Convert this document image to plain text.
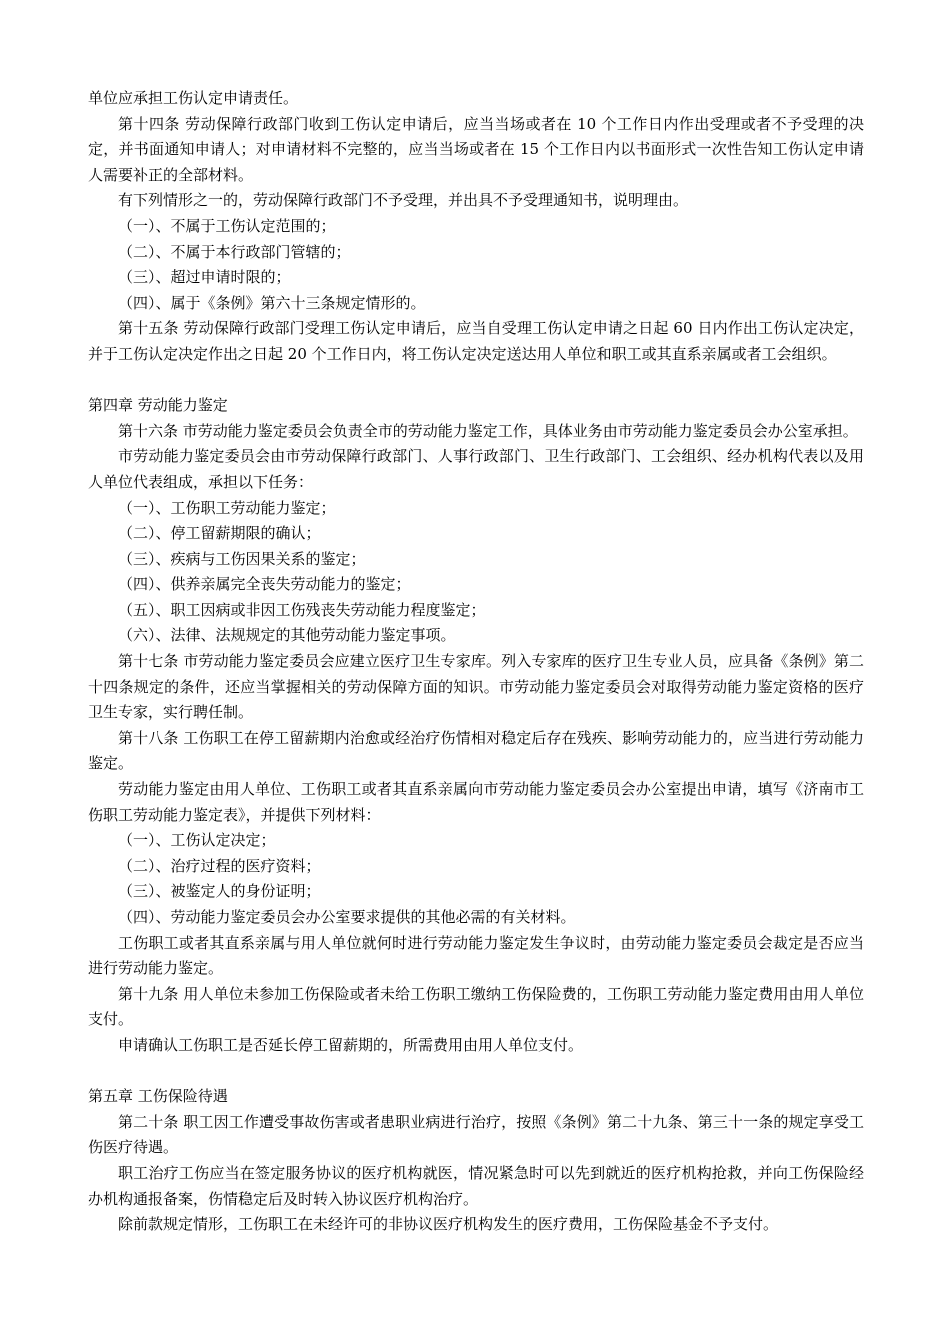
单位应承担工伤认定申请责任。
第十四条 劳动保障行政部门收到工伤认定申请后，应当当场或者在 10 个工作日内作出受理或者不予受理的决定，并书面通知申请人；对申请材料不完整的，应当当场或者在 15 个工作日内以书面形式一次性告知工伤认定申请人需要补正的全部材料。
有下列情形之一的，劳动保障行政部门不予受理，并出具不予受理通知书，说明理由。
（一）、不属于工伤认定范围的；
（二）、不属于本行政部门管辖的；
（三）、超过申请时限的；
（四）、属于《条例》第六十三条规定情形的。
第十五条 劳动保障行政部门受理工伤认定申请后，应当自受理工伤认定申请之日起 60 日内作出工伤认定决定，并于工伤认定决定作出之日起 20 个工作日内，将工伤认定决定送达用人单位和职工或其直系亲属或者工会组织。
第四章 劳动能力鉴定
第十六条 市劳动能力鉴定委员会负责全市的劳动能力鉴定工作，具体业务由市劳动能力鉴定委员会办公室承担。
市劳动能力鉴定委员会由市劳动保障行政部门、人事行政部门、卫生行政部门、工会组织、经办机构代表以及用人单位代表组成，承担以下任务：
（一）、工伤职工劳动能力鉴定；
（二）、停工留薪期限的确认；
（三）、疾病与工伤因果关系的鉴定；
（四）、供养亲属完全丧失劳动能力的鉴定；
（五）、职工因病或非因工伤残丧失劳动能力程度鉴定；
（六）、法律、法规规定的其他劳动能力鉴定事项。
第十七条 市劳动能力鉴定委员会应建立医疗卫生专家库。列入专家库的医疗卫生专业人员，应具备《条例》第二十四条规定的条件，还应当掌握相关的劳动保障方面的知识。市劳动能力鉴定委员会对取得劳动能力鉴定资格的医疗卫生专家，实行聘任制。
第十八条 工伤职工在停工留薪期内治愈或经治疗伤情相对稳定后存在残疾、影响劳动能力的，应当进行劳动能力鉴定。
劳动能力鉴定由用人单位、工伤职工或者其直系亲属向市劳动能力鉴定委员会办公室提出申请，填写《济南市工伤职工劳动能力鉴定表》，并提供下列材料：
（一）、工伤认定决定；
（二）、治疗过程的医疗资料；
（三）、被鉴定人的身份证明；
（四）、劳动能力鉴定委员会办公室要求提供的其他必需的有关材料。
工伤职工或者其直系亲属与用人单位就何时进行劳动能力鉴定发生争议时，由劳动能力鉴定委员会裁定是否应当进行劳动能力鉴定。
第十九条 用人单位未参加工伤保险或者未给工伤职工缴纳工伤保险费的，工伤职工劳动能力鉴定费用由用人单位支付。
申请确认工伤职工是否延长停工留薪期的，所需费用由用人单位支付。
第五章 工伤保险待遇
第二十条 职工因工作遭受事故伤害或者患职业病进行治疗，按照《条例》第二十九条、第三十一条的规定享受工伤医疗待遇。
职工治疗工伤应当在签定服务协议的医疗机构就医，情况紧急时可以先到就近的医疗机构抢救，并向工伤保险经办机构通报备案，伤情稳定后及时转入协议医疗机构治疗。
除前款规定情形，工伤职工在未经许可的非协议医疗机构发生的医疗费用，工伤保险基金不予支付。
